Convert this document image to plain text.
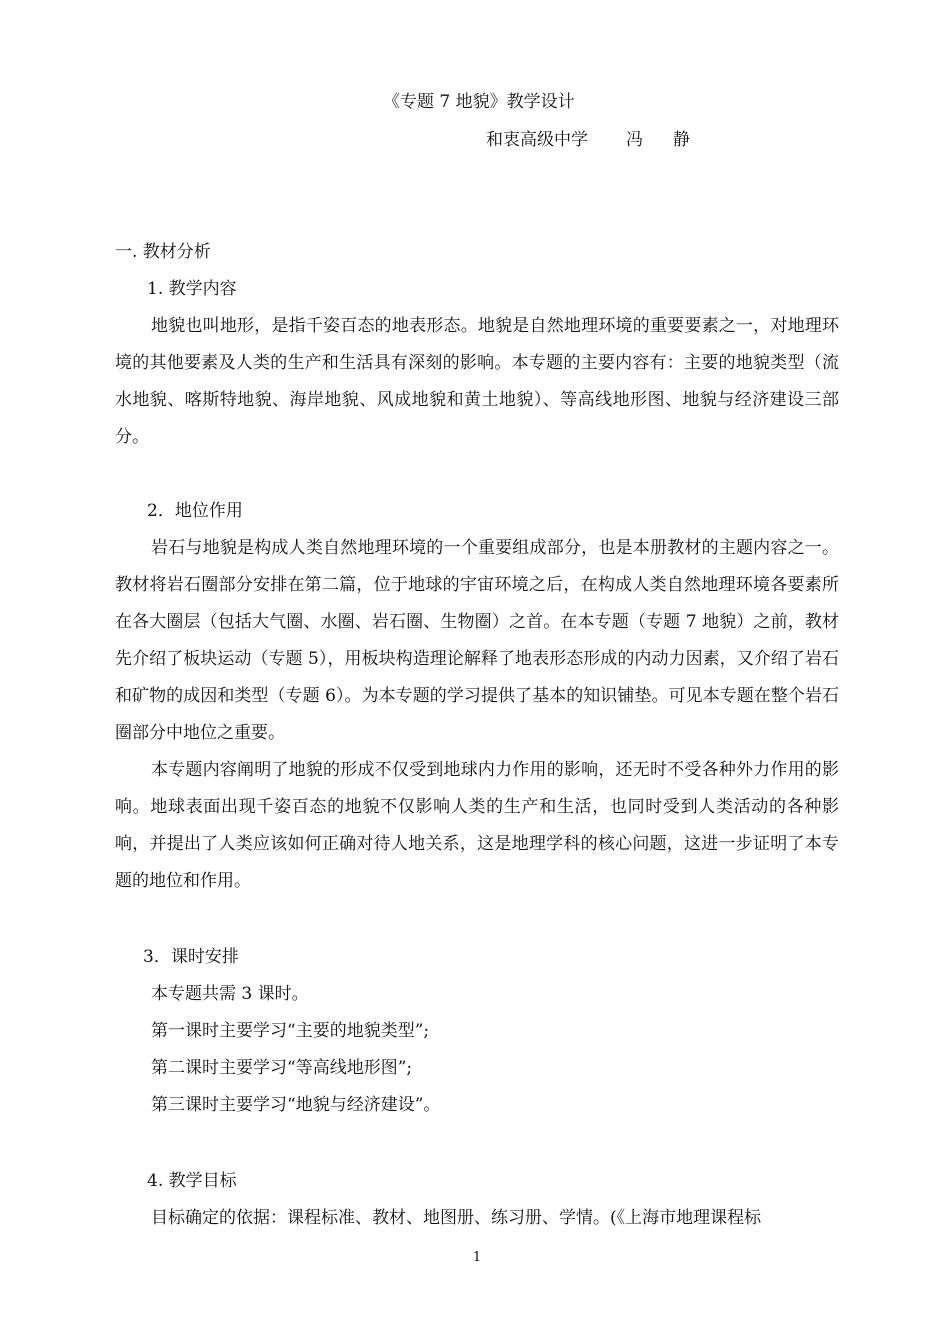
《专题 7 地貌》教学设计
和衷高级中学 冯 静
一. 教材分析
1. 教学内容
地貌也叫地形，是指千姿百态的地表形态。地貌是自然地理环境的重要要素之一，对地理环境的其他要素及人类的生产和生活具有深刻的影响。本专题的主要内容有：主要的地貌类型（流水地貌、喀斯特地貌、海岸地貌、风成地貌和黄土地貌）、等高线地形图、地貌与经济建设三部分。
2．地位作用
岩石与地貌是构成人类自然地理环境的一个重要组成部分，也是本册教材的主题内容之一。教材将岩石圈部分安排在第二篇，位于地球的宇宙环境之后，在构成人类自然地理环境各要素所在各大圈层（包括大气圈、水圈、岩石圈、生物圈）之首。在本专题（专题 7 地貌）之前，教材先介绍了板块运动（专题 5），用板块构造理论解释了地表形态形成的内动力因素，又介绍了岩石和矿物的成因和类型（专题 6）。为本专题的学习提供了基本的知识铺垫。可见本专题在整个岩石圈部分中地位之重要。
本专题内容阐明了地貌的形成不仅受到地球内力作用的影响，还无时不受各种外力作用的影响。地球表面出现千姿百态的地貌不仅影响人类的生产和生活，也同时受到人类活动的各种影响，并提出了人类应该如何正确对待人地关系，这是地理学科的核心问题，这进一步证明了本专题的地位和作用。
3．课时安排
本专题共需 3 课时。
第一课时主要学习“主要的地貌类型”;
第二课时主要学习“等高线地形图”;
第三课时主要学习“地貌与经济建设”。
4. 教学目标
目标确定的依据：课程标准、教材、地图册、练习册、学情。(《上海市地理课程标
1
